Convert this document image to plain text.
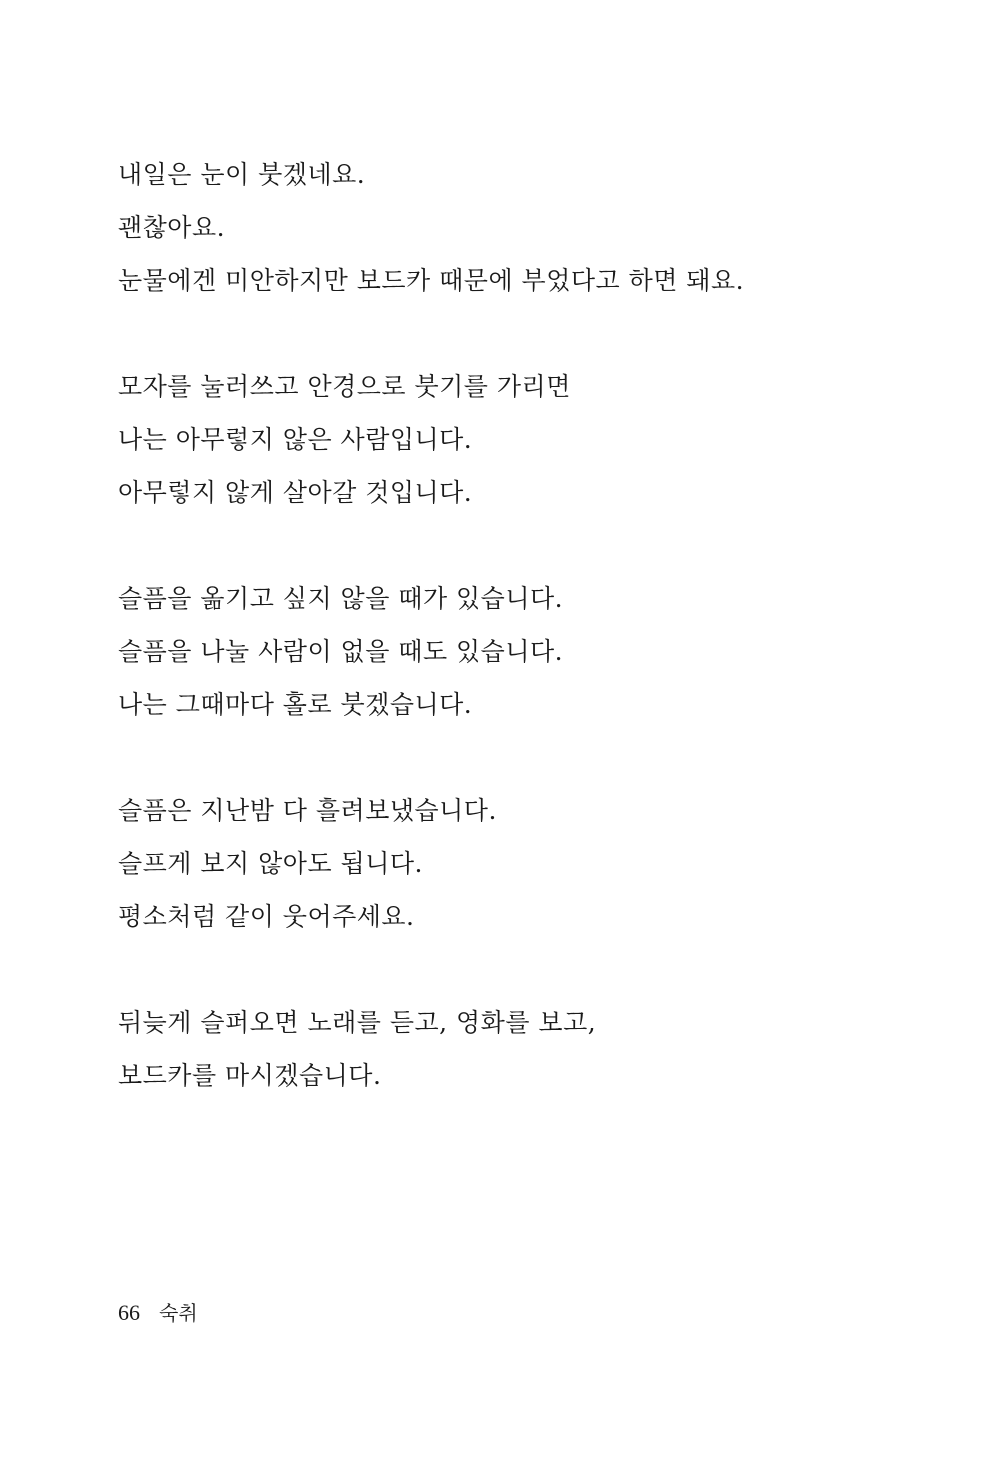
내일은 눈이 붓겠네요.
괜찮아요.
눈물에겐 미안하지만 보드카 때문에 부었다고 하면 돼요.
모자를 눌러쓰고 안경으로 붓기를 가리면
나는 아무렇지 않은 사람입니다.
아무렇지 않게 살아갈 것입니다.
슬픔을 옮기고 싶지 않을 때가 있습니다.
슬픔을 나눌 사람이 없을 때도 있습니다.
나는 그때마다 홀로 붓겠습니다.
슬픔은 지난밤 다 흘려보냈습니다.
슬프게 보지 않아도 됩니다.
평소처럼 같이 웃어주세요.
뒤늦게 슬퍼오면 노래를 듣고, 영화를 보고,
보드카를 마시겠습니다.
66 숙취
